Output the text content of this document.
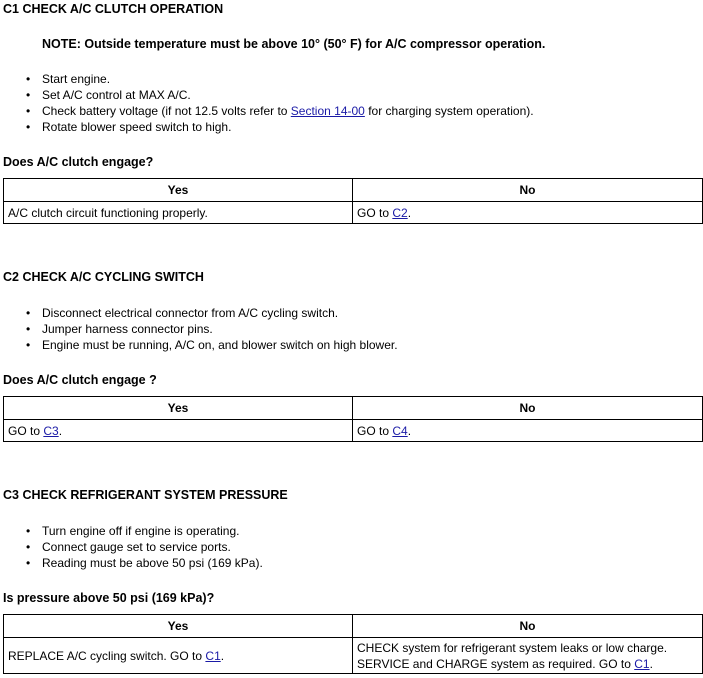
C1 CHECK A/C CLUTCH OPERATION
NOTE: Outside temperature must be above 10° (50° F) for A/C compressor operation.
• Start engine.
• Set A/C control at MAX A/C.
• Check battery voltage (if not 12.5 volts refer to Section 14-00 for charging system operation).
• Rotate blower speed switch to high.
Does A/C clutch engage?
Yes	No
A/C clutch circuit functioning properly.	GO to C2.
C2 CHECK A/C CYCLING SWITCH
• Disconnect electrical connector from A/C cycling switch.
• Jumper harness connector pins.
• Engine must be running, A/C on, and blower switch on high blower.
Does A/C clutch engage ?
Yes	No
GO to C3.	GO to C4.
C3 CHECK REFRIGERANT SYSTEM PRESSURE
• Turn engine off if engine is operating.
• Connect gauge set to service ports.
• Reading must be above 50 psi (169 kPa).
Is pressure above 50 psi (169 kPa)?
Yes	No
REPLACE A/C cycling switch. GO to C1.	CHECK system for refrigerant system leaks or low charge.
SERVICE and CHARGE system as required. GO to C1.
